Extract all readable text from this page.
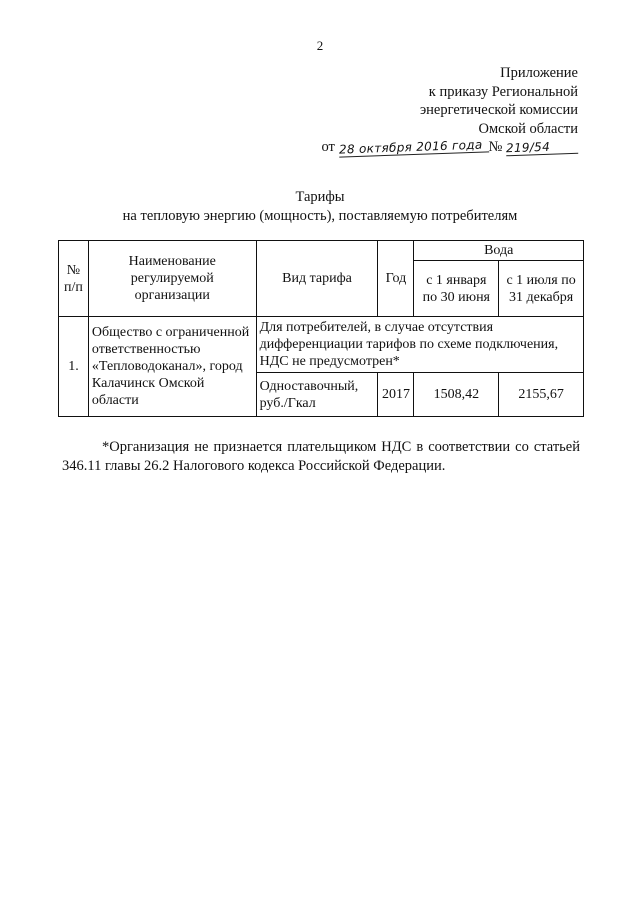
2
Приложение
к приказу Региональной
энергетической комиссии
Омской области
от 28 октября 2016 года № 219/54
Тарифы
на тепловую энергию (мощность), поставляемую потребителям
№ п/п	Наименование регулируемой организации	Вид тарифа	Год	Вода	
				с 1 января по 30 июня	с 1 июля по 31 декабря
1.	Общество с ограниченной ответственностью «Тепловодоканал», город Калачинск Омской области	Для потребителей, в случае отсутствия дифференциации тарифов по схеме подключения, НДС не предусмотрен*			
		Одноставочный, руб./Гкал	2017	1508,42	2155,67
*Организация не признается плательщиком НДС в соответствии со статьей 346.11 главы 26.2 Налогового кодекса Российской Федерации.
